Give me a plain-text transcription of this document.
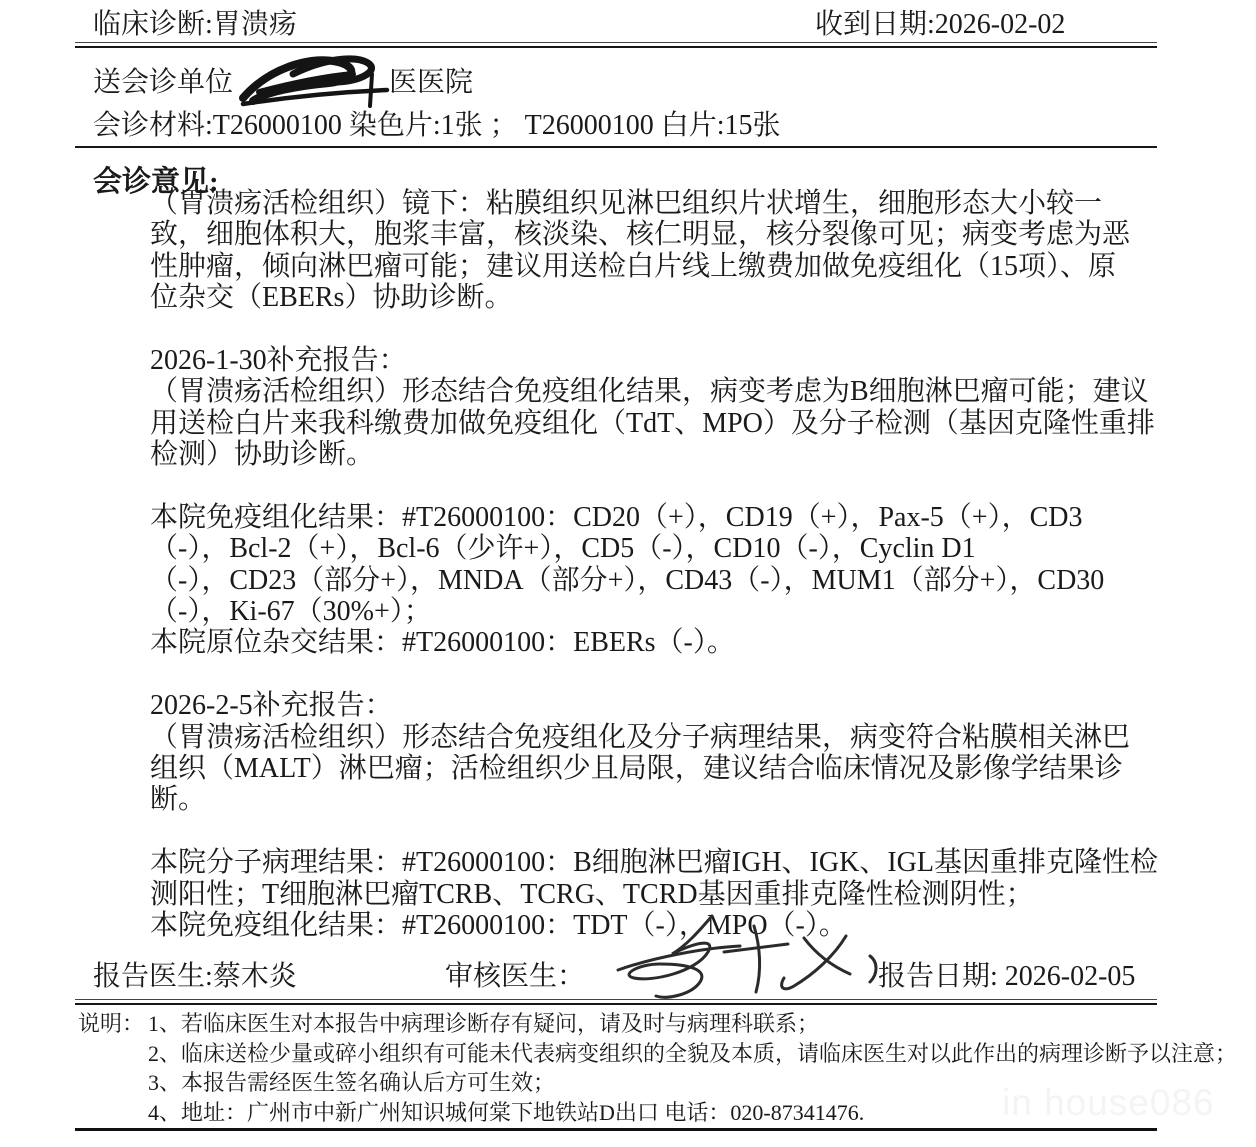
临床诊断:胃溃疡	收到日期:2026-02-02
送会诊单位	医医院
会诊材料:T26000100 染色片:1张 ； T26000100 白片:15张
会诊意见:
（胃溃疡活检组织）镜下：粘膜组织见淋巴组织片状增生，细胞形态大小较一
致，细胞体积大，胞浆丰富，核淡染、核仁明显，核分裂像可见；病变考虑为恶
性肿瘤，倾向淋巴瘤可能；建议用送检白片线上缴费加做免疫组化（15项）、原
位杂交（EBERs）协助诊断。
2026-1-30补充报告：
（胃溃疡活检组织）形态结合免疫组化结果，病变考虑为B细胞淋巴瘤可能；建议
用送检白片来我科缴费加做免疫组化（TdT、MPO）及分子检测（基因克隆性重排
检测）协助诊断。
本院免疫组化结果：#T26000100：CD20（+），CD19（+），Pax-5（+），CD3
（-），Bcl-2（+），Bcl-6（少许+），CD5（-），CD10（-），Cyclin D1
（-），CD23（部分+），MNDA（部分+），CD43（-），MUM1（部分+），CD30
（-），Ki-67（30%+）；
本院原位杂交结果：#T26000100：EBERs（-）。
2026-2-5补充报告：
（胃溃疡活检组织）形态结合免疫组化及分子病理结果，病变符合粘膜相关淋巴
组织（MALT）淋巴瘤；活检组织少且局限，建议结合临床情况及影像学结果诊
断。
本院分子病理结果：#T26000100：B细胞淋巴瘤IGH、IGK、IGL基因重排克隆性检
测阳性；T细胞淋巴瘤TCRB、TCRG、TCRD基因重排克隆性检测阴性；
本院免疫组化结果：#T26000100：TDT（-），MPO（-）。
报告医生:蔡木炎	审核医生：	报告日期: 2026-02-05
说明： 1、若临床医生对本报告中病理诊断存有疑问，请及时与病理科联系；
2、临床送检少量或碎小组织有可能未代表病变组织的全貌及本质，请临床医生对以此作出的病理诊断予以注意；
3、本报告需经医生签名确认后方可生效；
4、地址：广州市中新广州知识城何棠下地铁站D出口 电话：020-87341476.	in house086
